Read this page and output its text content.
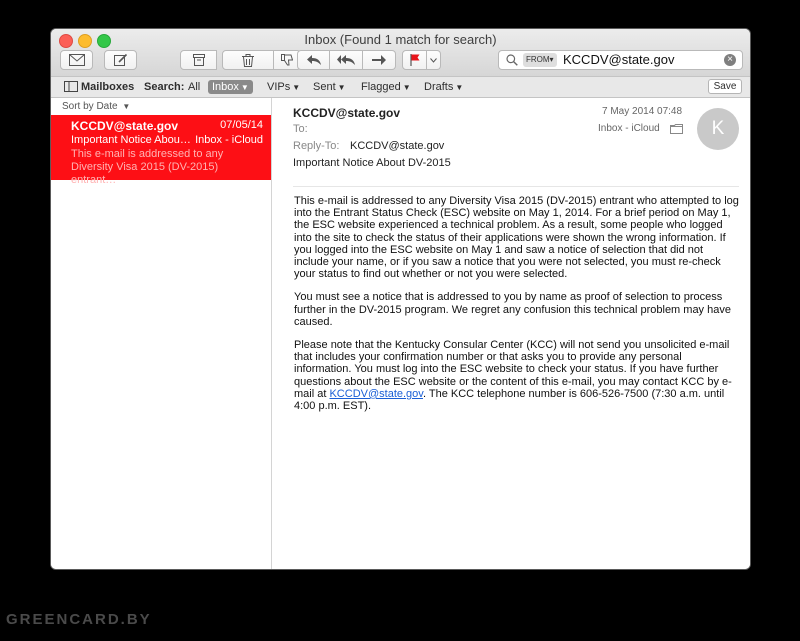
Inbox (Found 1 match for search)
FROM▾ KCCDV@state.gov	×
Mailboxes Search: All	Inbox ▼	VIPs ▼ Sent ▼ Flagged ▼ Drafts ▼	Save
Sort by Date ▼
KCCDV@state.gov	07/05/14
Important Notice Abou… Inbox - iCloud
This e-mail is addressed to any Diversity Visa 2015 (DV-2015) entrant…
KCCDV@state.gov	7 May 2014 07:48
To:	Inbox - iCloud
Reply-To: KCCDV@state.gov
Important Notice About DV-2015
K

This e-mail is addressed to any Diversity Visa 2015 (DV-2015) entrant who attempted to log into the Entrant Status Check (ESC) website on May 1, 2014. For a brief period on May 1, the ESC website experienced a technical problem. As a result, some people who logged into the site to check the status of their applications were shown the wrong information. If you logged into the ESC website on May 1 and saw a notice of selection that did not include your name, or if you saw a notice that you were not selected, you must re-check your status to find out whether or not you were selected.

You must see a notice that is addressed to you by name as proof of selection to process further in the DV-2015 program. We regret any confusion this technical problem may have caused.

Please note that the Kentucky Consular Center (KCC) will not send you unsolicited e-mail that includes your confirmation number or that asks you to provide any personal information. You must log into the ESC website to check your status. If you have further questions about the ESC website or the content of this e-mail, you may contact KCC by e-mail at KCCDV@state.gov. The KCC telephone number is 606-526-7500 (7:30 a.m. until 4:00 p.m. EST).

GREENCARD.BY
